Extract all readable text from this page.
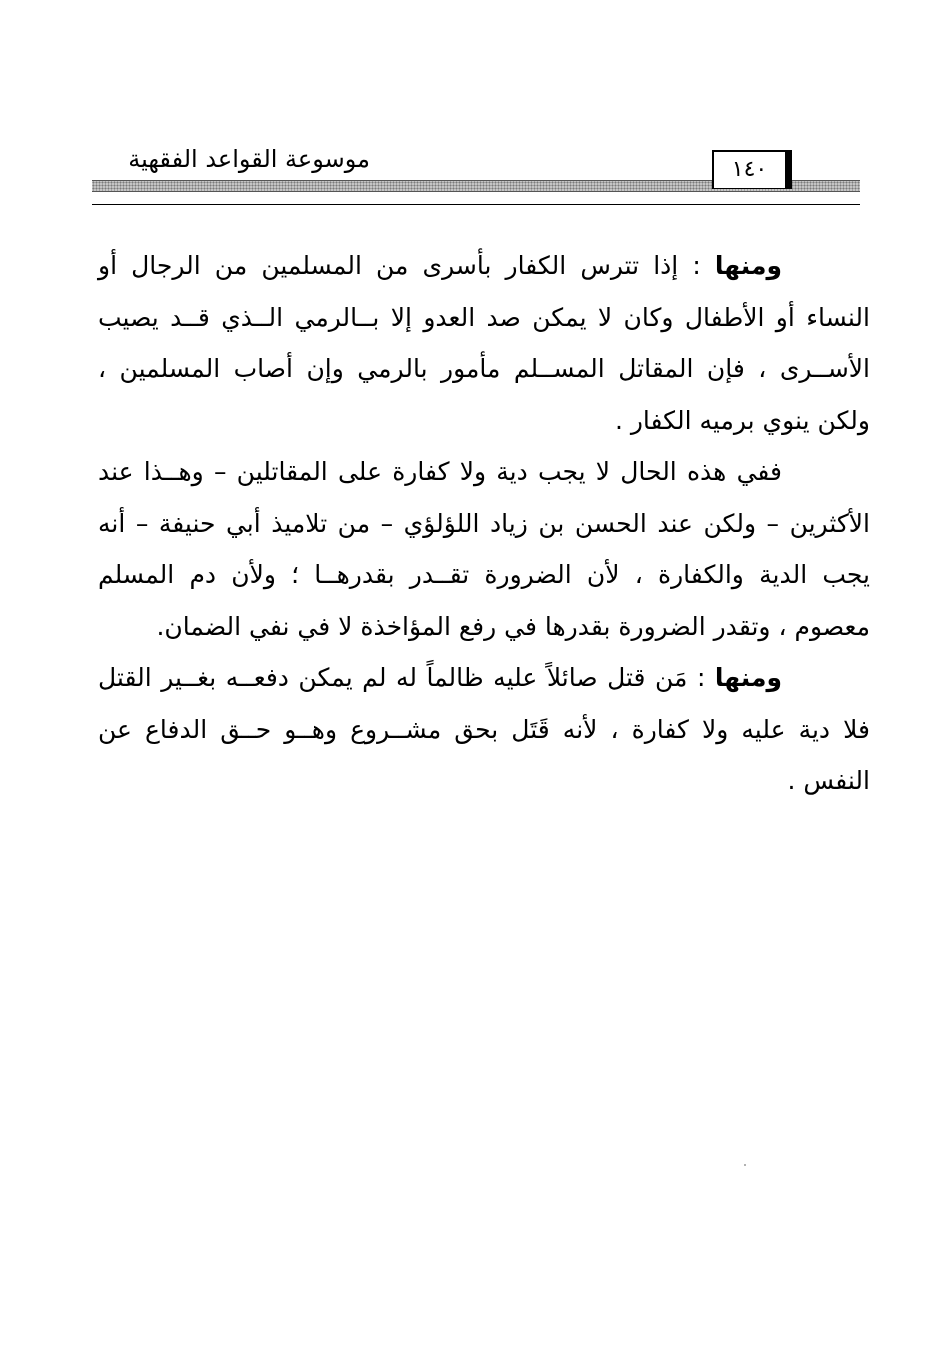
موسوعة القواعد الفقهية	١٤٠

ومنها : إذا تترس الكفار بأسرى من المسلمين من الرجال أو النساء أو الأطفال وكان لا يمكن صد العدو إلا بــالرمي الــذي قــد يصيب الأســرى ، فإن المقاتل المســلم مأمور بالرمي وإن أصاب المسلمين ، ولكن ينوي برميه الكفار .

ففي هذه الحال لا يجب دية ولا كفارة على المقاتلين – وهــذا عند الأكثرين – ولكن عند الحسن بن زياد اللؤلؤي – من تلاميذ أبي حنيفة – أنه يجب الدية والكفارة ، لأن الضرورة تقــدر بقدرهــا ؛ ولأن دم المسلم معصوم ، وتقدر الضرورة بقدرها في رفع المؤاخذة لا في نفي الضمان.

ومنها : مَن قتل صائلاً عليه ظالماً له لم يمكن دفعــه بغــير القتل فلا دية عليه ولا كفارة ، لأنه قَتَل بحق مشــروع وهــو حــق الدفاع عن النفس .
